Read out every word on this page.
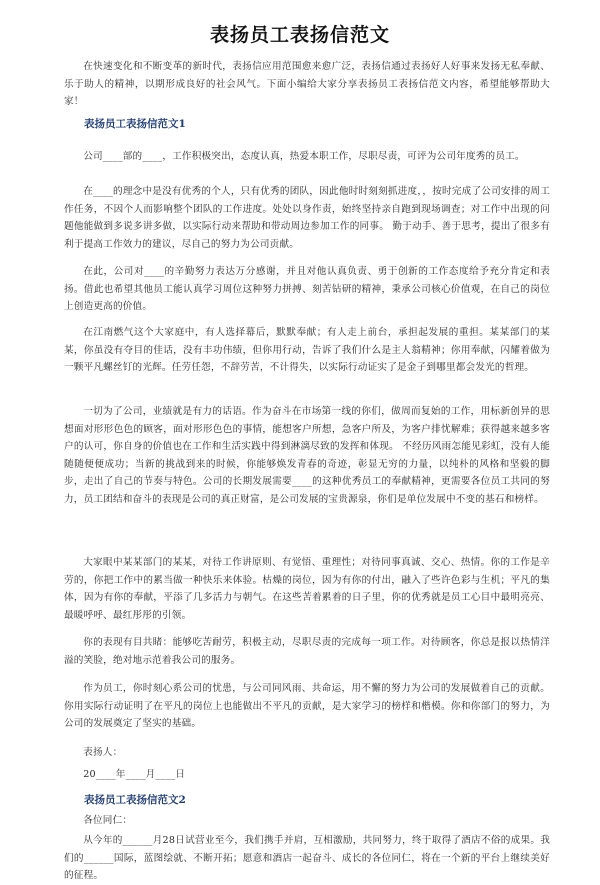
表扬员工表扬信范文

在快速变化和不断变革的新时代，表扬信应用范围愈来愈广泛，表扬信通过表扬好人好事来发扬无私奉献、乐于助人的精神，以期形成良好的社会风气。下面小编给大家分享表扬员工表扬信范文内容，希望能够帮助大家！

表扬员工表扬信范文1

公司____部的____，工作积极突出，态度认真，热爱本职工作，尽职尽责，可评为公司年度秀的员工。

在____的理念中是没有优秀的个人，只有优秀的团队，因此他时时刻刻抓进度，，按时完成了公司安排的周工作任务，不因个人而影响整个团队的工作进度。处处以身作责，始终坚持亲自跑到现场调查；对工作中出现的问题他能做到多说多讲多做，以实际行动来帮助和带动周边参加工作的同事。 勤于动手、善于思考，提出了很多有利于提高工作效力的建议，尽自己的努力为公司贡献。

在此，公司对____的辛勤努力表达万分感谢，并且对他认真负责、勇于创新的工作态度给予充分肯定和表扬。借此也希望其他员工能认真学习周位这种努力拼搏、刻苦钻研的精神，秉承公司核心价值观，在自己的岗位上创造更高的价值。

在江南燃气这个大家庭中，有人选择幕后，默默奉献；有人走上前台，承担起发展的重担。某某部门的某某，你虽没有夺目的佳话，没有丰功伟绩，但你用行动，告诉了我们什么是主人翁精神；你用奉献，闪耀着做为一颗平凡螺丝钉的光辉。任劳任怨，不辞劳苦，不计得失，以实际行动证实了是金子到哪里都会发光的哲理。

一切为了公司，业绩就是有力的话语。作为奋斗在市场第一线的你们，做周而复始的工作，用标新创异的思想面对形形色色的顾客，面对形形色色的事情，能想客户所想，急客户所及，为客户排忧解难；获得越来越多客户的认可，你自身的价值也在工作和生活实践中得到淋漓尽致的发挥和体现。 不经历风雨怎能见彩虹，没有人能随随便便成功；当新的挑战到来的时候，你能够焕发青春的奇迹，彰显无穷的力量，以纯朴的风格和坚毅的脚步，走出了自己的节奏与特色。公司的长期发展需要____的这种优秀员工的奉献精神，更需要各位员工共同的努力，员工团结和奋斗的表现是公司的真正财富，是公司发展的宝贵源泉，你们是单位发展中不变的基石和榜样。

大家眼中某某部门的某某，对待工作讲原则、有觉悟、重理性；对待同事真诚、交心、热情。你的工作是辛劳的，你把工作中的累当做一种快乐来体验。枯燥的岗位，因为有你的付出，融入了些许色彩与生机；平凡的集体，因为有你的奉献，平添了几多活力与朝气。在这些苦着累着的日子里，你的优秀就是员工心目中最明亮亮、最暖呼呼、最红彤彤的引领。

你的表现有目共睹：能够吃苦耐劳，积极主动，尽职尽责的完成每一项工作。对待顾客，你总是报以热情洋溢的笑脸，绝对地示范着我公司的服务。

作为员工，你时刻心系公司的忧患，与公司同风雨、共命运，用不懈的努力为公司的发展做着自己的贡献。你用实际行动证明了在平凡的岗位上也能做出不平凡的贡献，是大家学习的榜样和楷模。你和你部门的努力，为公司的发展奠定了坚实的基础。

表扬人：

20____年____月____日

表扬员工表扬信范文2

各位同仁：

从今年的______月28日试营业至今，我们携手并肩，互相激励，共同努力，终于取得了酒店不俗的成果。我们的______国际，蓝图绘就、不断开拓；愿意和酒店一起奋斗、成长的各位同仁，将在一个新的平台上继续美好的征程。
